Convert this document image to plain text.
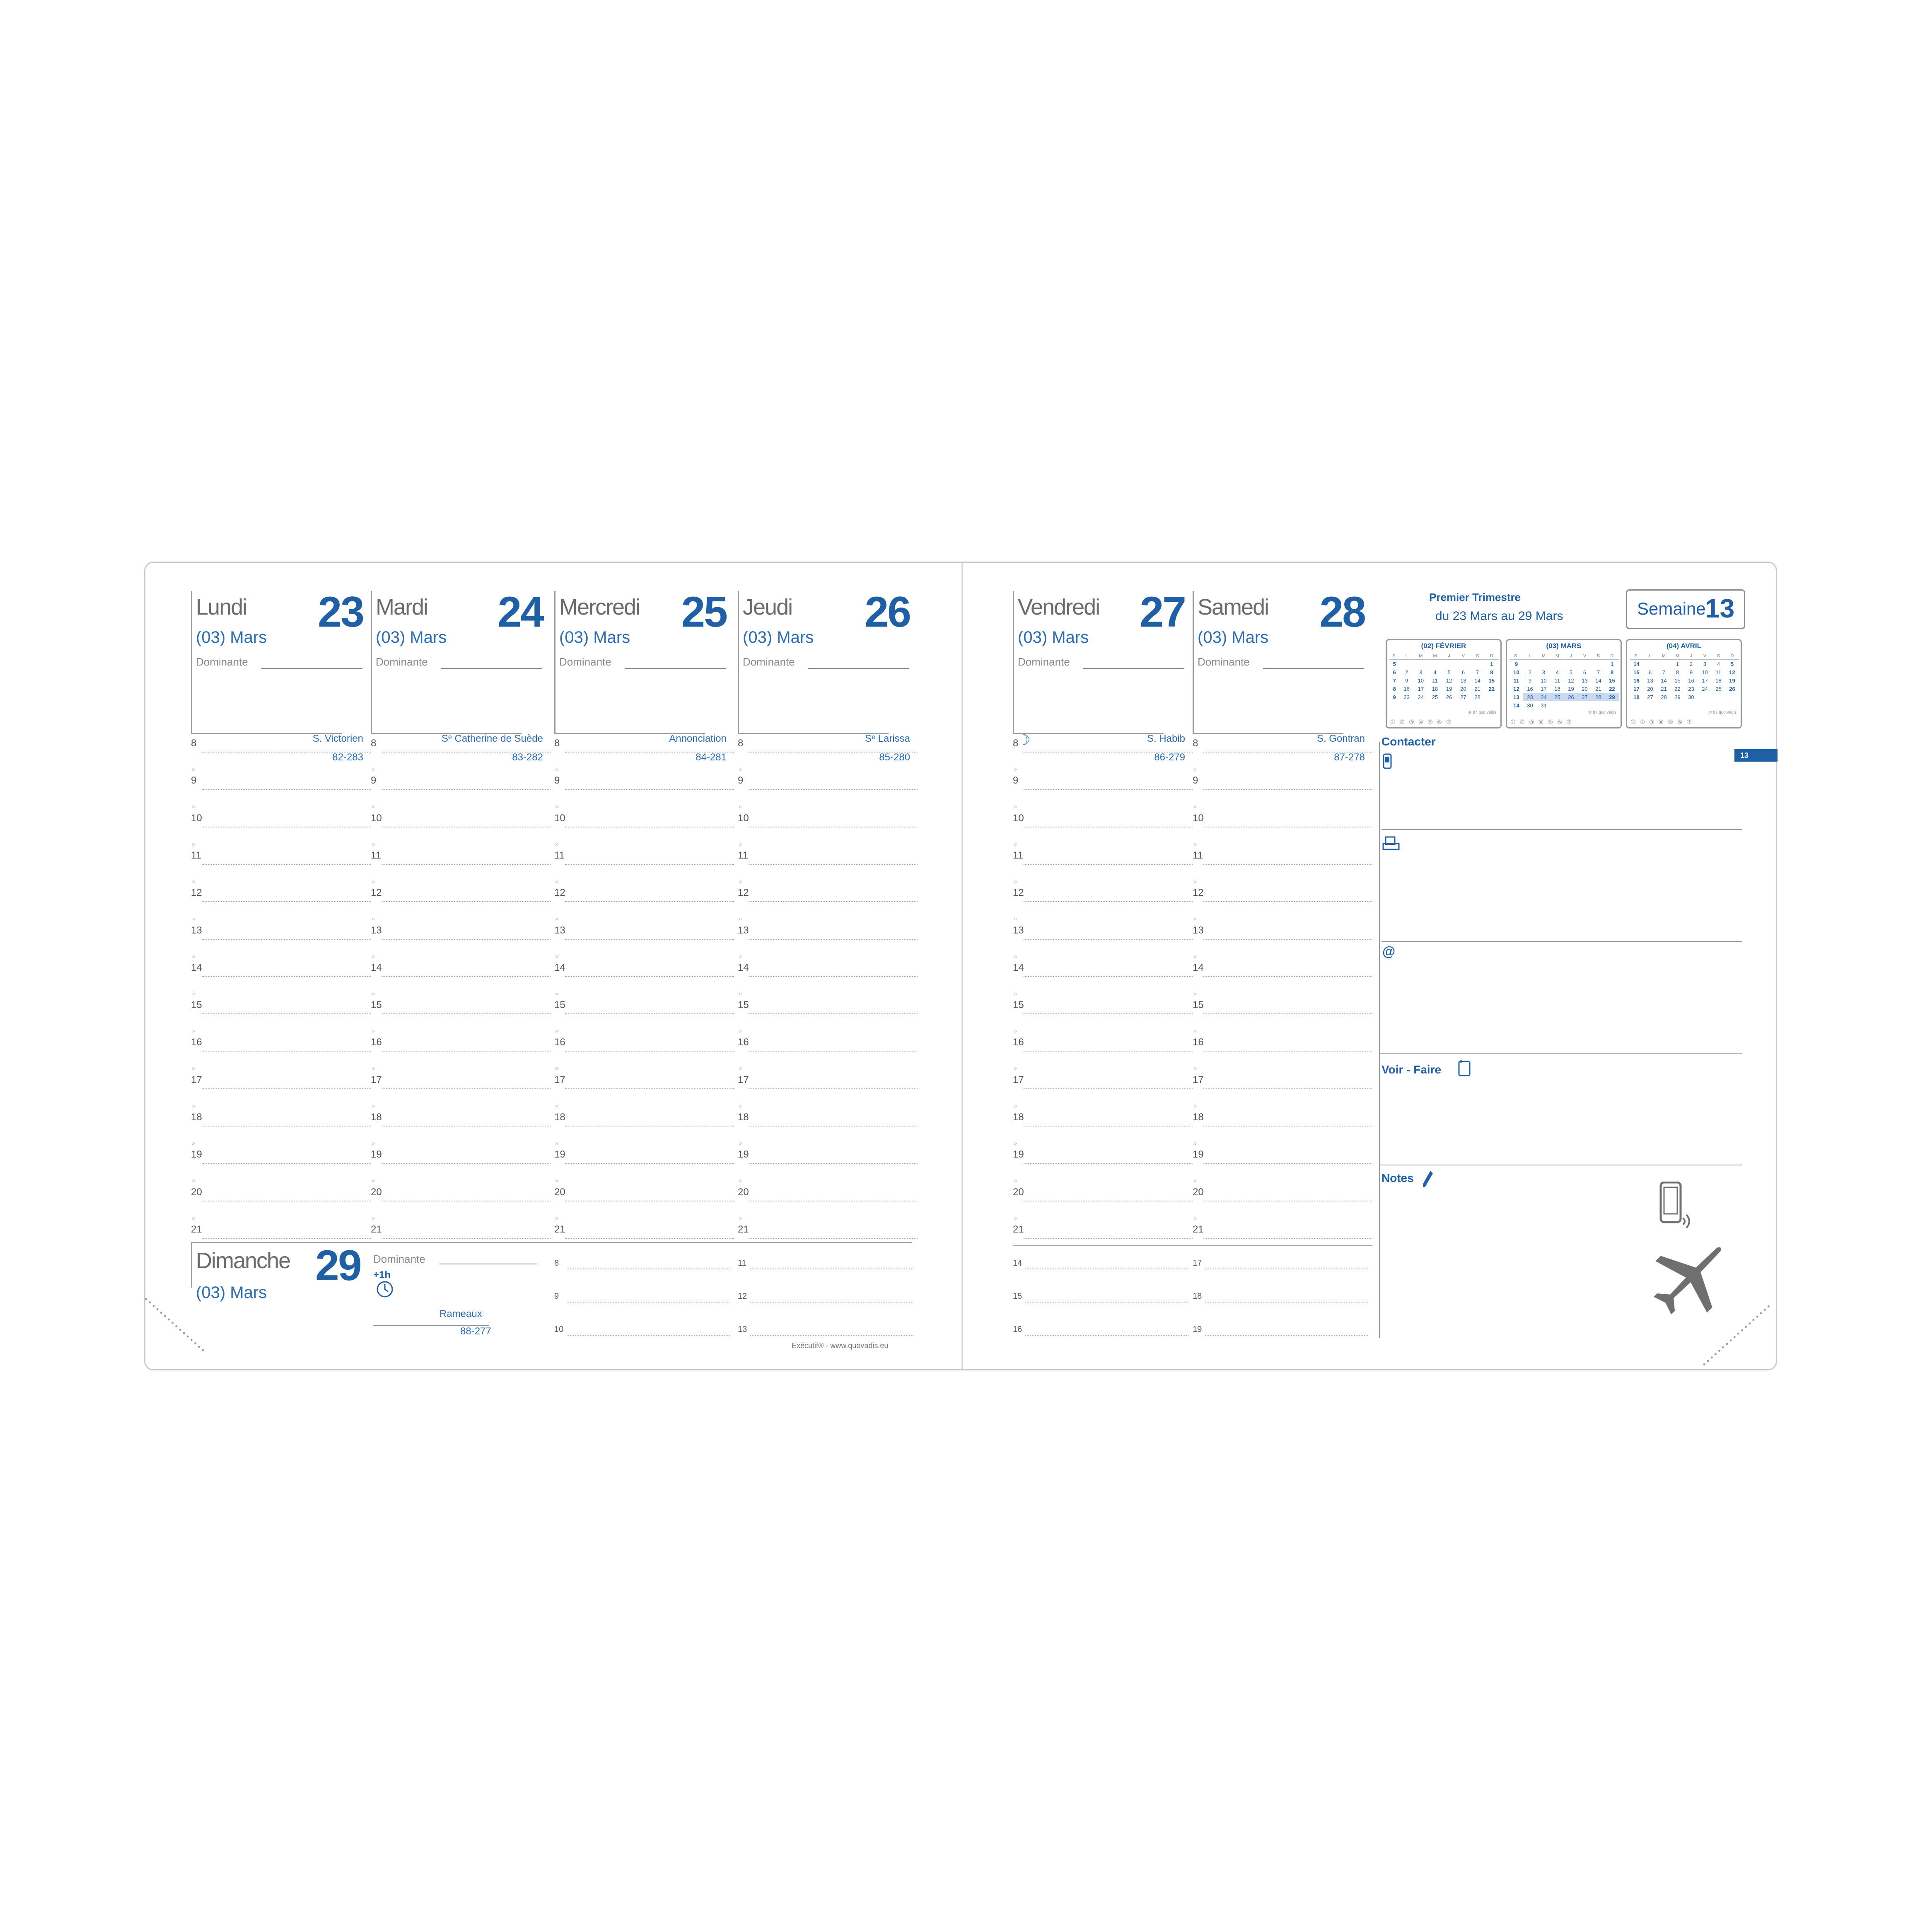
Exécutif® - www.quovadis.eu
Lundi 23
(03) Mars
Dominante
S. Victorien
82-283
8
»
9
»
10
»
11
»
12
»
13
»
14
»
15
»
16
»
17
»
18
»
19
»
20
»
21
Mardi 24
(03) Mars
Dominante
Sᵉ Catherine de Suède
83-282
8
»
9
»
10
»
11
»
12
»
13
»
14
»
15
»
16
»
17
»
18
»
19
»
20
»
21
Mercredi 25
(03) Mars
Dominante
Annonciation
84-281
8
»
9
»
10
»
11
»
12
»
13
»
14
»
15
»
16
»
17
»
18
»
19
»
20
»
21
Jeudi 26
(03) Mars
Dominante
Sᵉ Larissa
85-280
8
»
9
»
10
»
11
»
12
»
13
»
14
»
15
»
16
»
17
»
18
»
19
»
20
»
21
Dimanche 29
(03) Mars
Dominante
+1h
Rameaux
88-277
8
9
10
11
12
13
Premier Trimestre
du 23 Mars au 29 Mars	Semaine
13
(02) FÉVRIER
S.	L	M	M	J	V	S	D
5							1
6	2	3	4	5	6	7	8
7	9	10	11	12	13	14	15
8	16	17	18	19	20	21	22
9	23	24	25	26	27	28	
© 87 quo vadis
①②③④⑤⑥⑦
(03) MARS
S.	L	M	M	J	V	S	D
9							1
10	2	3	4	5	6	7	8
11	9	10	11	12	13	14	15
12	16	17	18	19	20	21	22
13	23	24	25	26	27	28	29
14	30	31					
© 87 quo vadis
①②③④⑤⑥⑦
(04) AVRIL
S.	L	M	M	J	V	S	D
14			1	2	3	4	5
15	6	7	8	9	10	11	12
16	13	14	15	16	17	18	19
17	20	21	22	23	24	25	26
18	27	28	29	30			
© 87 quo vadis
①②③④⑤⑥⑦
13
Contacter
@
Voir - Faire
Notes
••••••••••••••••••
Vendredi 27
(03) Mars
Dominante
S. Habib
86-279
☽
8
»
9
»
10
»
11
»
12
»
13
»
14
»
15
»
16
»
17
»
18
»
19
»
20
»
21
Samedi 28
(03) Mars
Dominante
S. Gontran
87-278
8
»
9
»
10
»
11
»
12
»
13
»
14
»
15
»
16
»
17
»
18
»
19
»
20
»
21
14
15
16
17
18
19
••••••••••••••••
